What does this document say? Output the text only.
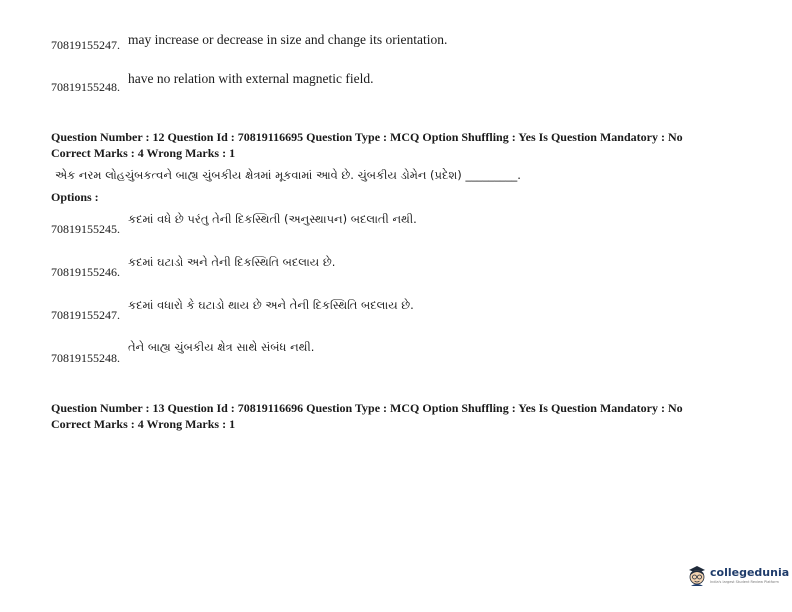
70819155247. may increase or decrease in size and change its orientation.
70819155248.
have no relation with external magnetic field.
Question Number : 12 Question Id : 70819116695 Question Type : MCQ Option Shuffling : Yes Is Question Mandatory : No
Correct Marks : 4 Wrong Marks : 1
એક નરમ લોહચુંબકત્વને બાહ્ય ચુંબકીય ક્ષેત્રમાં મૂકવામાં આવે છે. ચુંબકીય ડોમેન (પ્રદેશ) _________.
Options :
70819155245.
કદમાં વધે છે પરંતુ તેની દિકસ્થિતી (અનુસ્થાપન) બદલાતી નથી.
70819155246.
કદમાં ઘટાડો અને તેની દિકસ્થિતિ બદલાય છે.
70819155247.
કદમાં વધારો કે ઘટાડો થાય છે અને તેની દિકસ્થિતિ બદલાય છે.
70819155248.
તેને બાહ્ય ચુંબકીય ક્ષેત્ર સાથે સંબંધ નથી.
Question Number : 13 Question Id : 70819116696 Question Type : MCQ Option Shuffling : Yes Is Question Mandatory : No
Correct Marks : 4 Wrong Marks : 1
collegedunia
India's largest Student Review Platform
